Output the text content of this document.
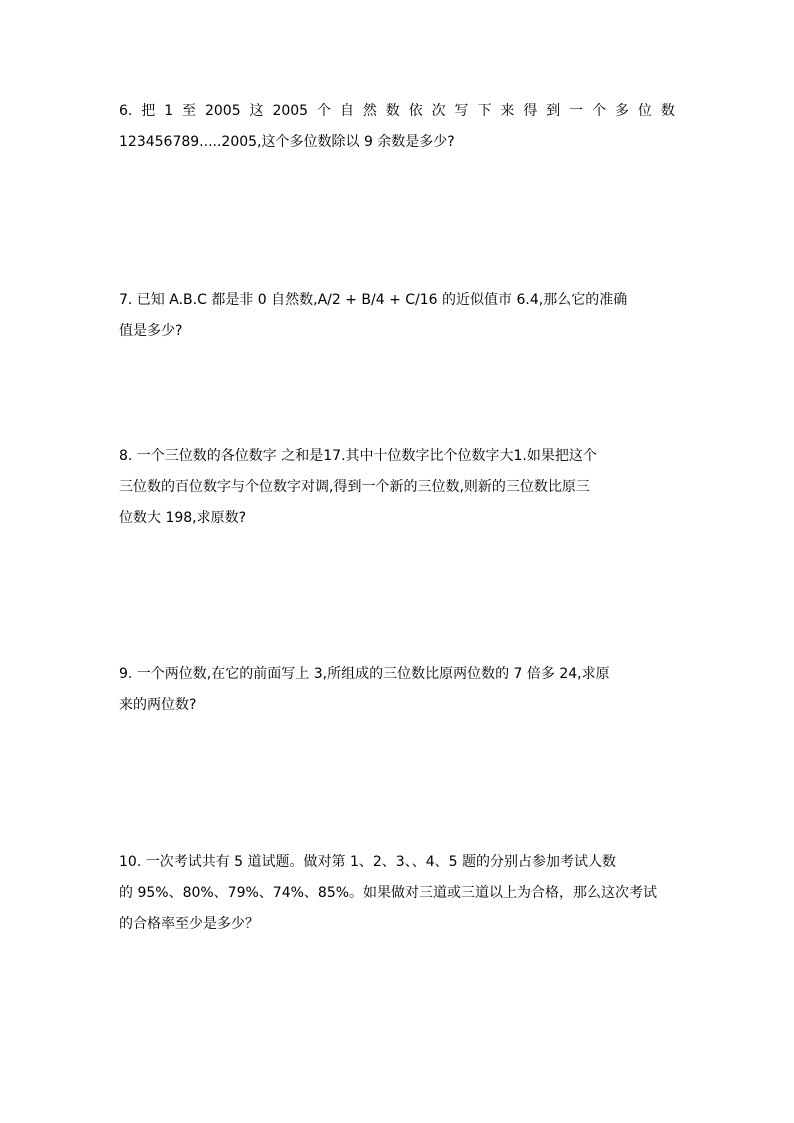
6. 把 1 至 2005 这 2005 个 自 然 数 依 次 写 下 来 得 到 一 个 多 位 数
123456789.....2005,这个多位数除以 9 余数是多少?
7. 已知 A.B.C 都是非 0 自然数,A/2 + B/4 + C/16 的近似值市 6.4,那么它的准确
值是多少?
8. 一个三位数的各位数字 之和是17.其中十位数字比个位数字大1.如果把这个
三位数的百位数字与个位数字对调,得到一个新的三位数,则新的三位数比原三
位数大 198,求原数?
9. 一个两位数,在它的前面写上 3,所组成的三位数比原两位数的 7 倍多 24,求原
来的两位数?
10. 一次考试共有 5 道试题。做对第 1、2、3、、4、5 题的分别占参加考试人数
的 95%、80%、79%、74%、85%。如果做对三道或三道以上为合格，那么这次考试
的合格率至少是多少？
